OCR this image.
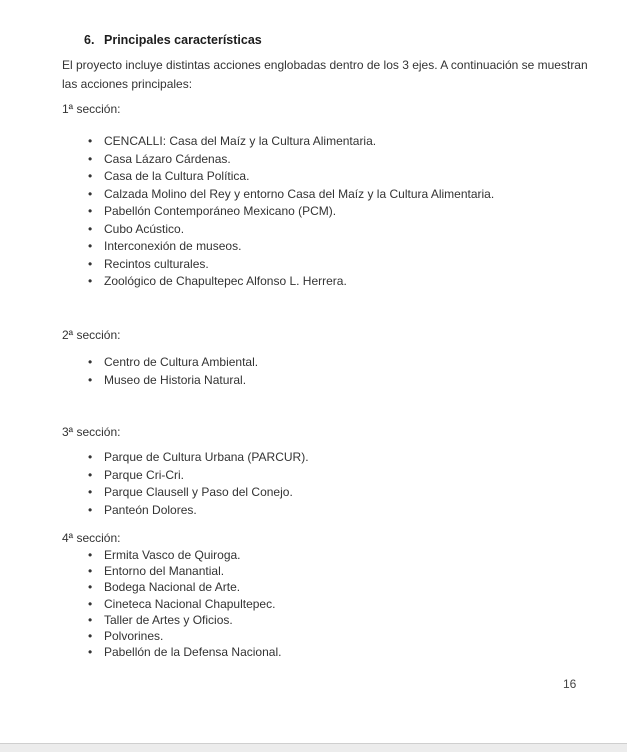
6. Principales características
El proyecto incluye distintas acciones englobadas dentro de los 3 ejes. A continuación se muestran
las acciones principales:
1ª sección:
• CENCALLI: Casa del Maíz y la Cultura Alimentaria.
• Casa Lázaro Cárdenas.
• Casa de la Cultura Política.
• Calzada Molino del Rey y entorno Casa del Maíz y la Cultura Alimentaria.
• Pabellón Contemporáneo Mexicano (PCM).
• Cubo Acústico.
• Interconexión de museos.
• Recintos culturales.
• Zoológico de Chapultepec Alfonso L. Herrera.
2ª sección:
• Centro de Cultura Ambiental.
• Museo de Historia Natural.
3ª sección:
• Parque de Cultura Urbana (PARCUR).
• Parque Cri-Cri.
• Parque Clausell y Paso del Conejo.
• Panteón Dolores.
4ª sección:
• Ermita Vasco de Quiroga.
• Entorno del Manantial.
• Bodega Nacional de Arte.
• Cineteca Nacional Chapultepec.
• Taller de Artes y Oficios.
• Polvorines.
• Pabellón de la Defensa Nacional.
16
